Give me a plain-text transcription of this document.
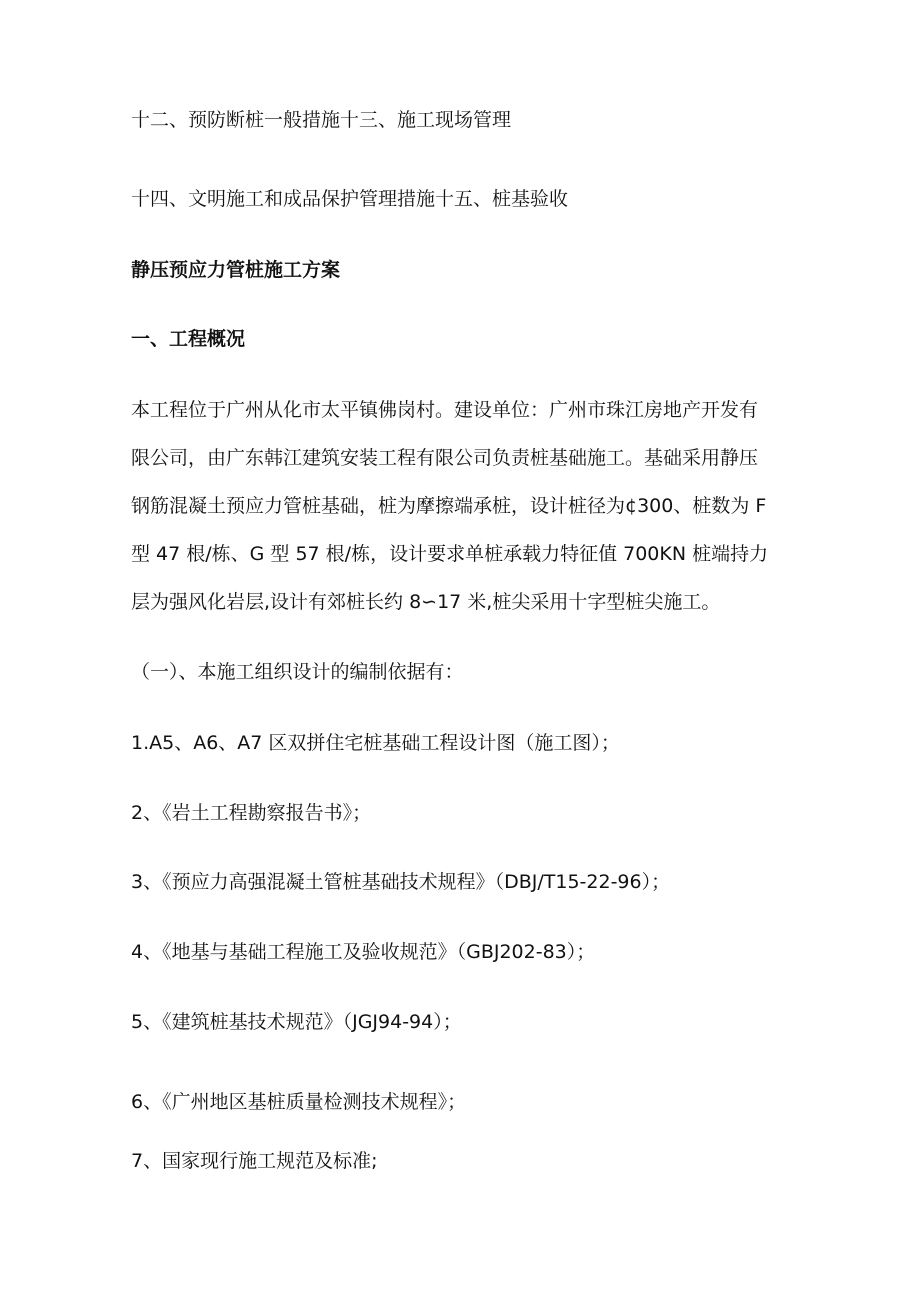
十二、预防断桩一般措施十三、施工现场管理

十四、文明施工和成品保护管理措施十五、桩基验收

静压预应力管桩施工方案

一、工程概况

本工程位于广州从化市太平镇佛岗村。建设单位：广州市珠江房地产开发有
限公司，由广东韩江建筑安装工程有限公司负责桩基础施工。基础采用静压
钢筋混凝土预应力管桩基础，桩为摩擦端承桩，设计桩径为¢300、桩数为 F
型 47 根/栋、G 型 57 根/栋，设计要求单桩承载力特征值 700KN 桩端持力
层为强风化岩层,设计有郊桩长约 8∽17 米,桩尖采用十字型桩尖施工。

（一）、本施工组织设计的编制依据有：

1.A5、A6、A7 区双拼住宅桩基础工程设计图（施工图）；

2、《岩土工程勘察报告书》；

3、《预应力高强混凝土管桩基础技术规程》（DBJ/T15-22-96）；

4、《地基与基础工程施工及验收规范》（GBJ202-83）；

5、《建筑桩基技术规范》（JGJ94-94）；

6、《广州地区基桩质量检测技术规程》；

7、国家现行施工规范及标准;
